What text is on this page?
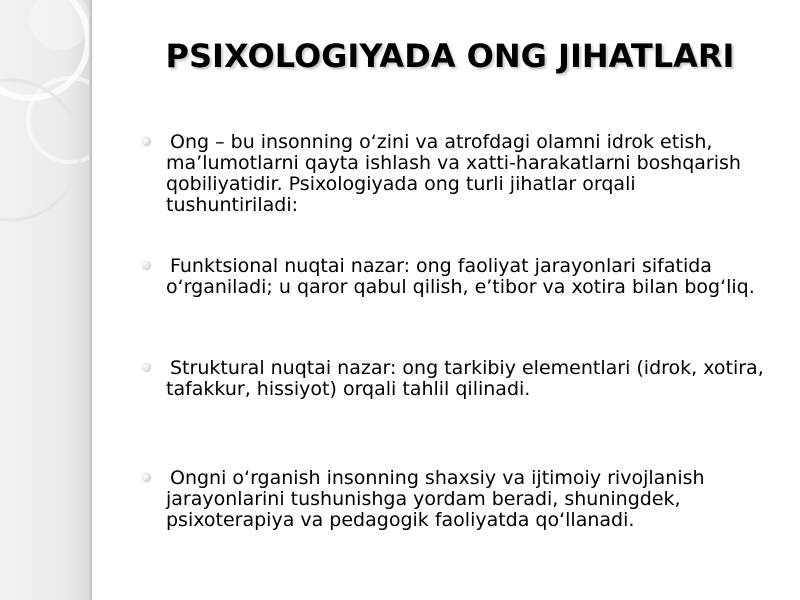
PSIXOLOGIYADA ONG JIHATLARI
Ong – bu insonning o‘zini va atrofdagi olamni idrok etish, ma’lumotlarni qayta ishlash va xatti-harakatlarni boshqarish qobiliyatidir. Psixologiyada ong turli jihatlar orqali tushuntiriladi:
Funktsional nuqtai nazar: ong faoliyat jarayonlari sifatida o‘rganiladi; u qaror qabul qilish, e’tibor va xotira bilan bog‘liq.
Struktural nuqtai nazar: ong tarkibiy elementlari (idrok, xotira, tafakkur, hissiyot) orqali tahlil qilinadi.
Ongni o‘rganish insonning shaxsiy va ijtimoiy rivojlanish jarayonlarini tushunishga yordam beradi, shuningdek, psixoterapiya va pedagogik faoliyatda qo‘llanadi.
